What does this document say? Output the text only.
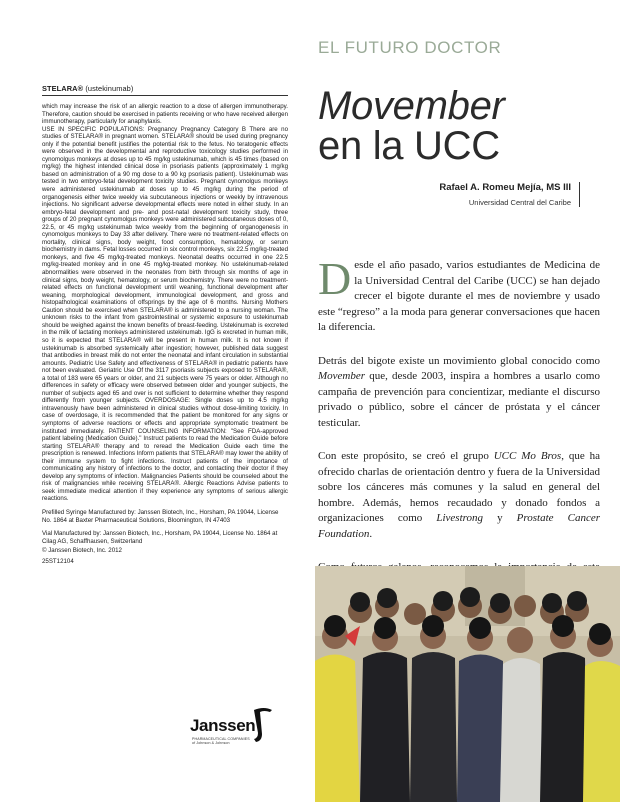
STELARA® (ustekinumab)
which may increase the risk of an allergic reaction to a dose of allergen immunotherapy. Therefore, caution should be exercised in patients receiving or who have received allergen immunotherapy, particularly for anaphylaxis.
USE IN SPECIFIC POPULATIONS: Pregnancy Pregnancy Category B There are no studies of STELARA® in pregnant women. STELARA® should be used during pregnancy only if the potential benefit justifies the potential risk to the fetus. No teratogenic effects were observed in the developmental and reproductive toxicology studies performed in cynomolgus monkeys at doses up to 45 mg/kg ustekinumab, which is 45 times (based on mg/kg) the highest intended clinical dose in psoriasis patients (approximately 1 mg/kg based on administration of a 90 mg dose to a 90 kg psoriasis patient). Ustekinumab was tested in two embryo-fetal development toxicity studies. Pregnant cynomolgus monkeys were administered ustekinumab at doses up to 45 mg/kg during the period of organogenesis either twice weekly via subcutaneous injections or weekly by intravenous injections. No significant adverse developmental effects were noted in either study. In an embryo-fetal development and pre- and post-natal development toxicity study, three groups of 20 pregnant cynomolgus monkeys were administered subcutaneous doses of 0, 22.5, or 45 mg/kg ustekinumab twice weekly from the beginning of organogenesis in cynomolgus monkeys to Day 33 after delivery. There were no treatment-related effects on mortality, clinical signs, body weight, food consumption, hematology, or serum biochemistry in dams. Fetal losses occurred in six control monkeys, six 22.5 mg/kg-treated monkeys, and five 45 mg/kg-treated monkeys. Neonatal deaths occurred in one 22.5 mg/kg-treated monkey and in one 45 mg/kg-treated monkey. No ustekinumab-related abnormalities were observed in the neonates from birth through six months of age in clinical signs, body weight, hematology, or serum biochemistry. There were no treatment-related effects on functional development until weaning, functional development after weaning, morphological development, immunological development, and gross and histopathological examinations of offsprings by the age of 6 months. Nursing Mothers Caution should be exercised when STELARA® is administered to a nursing woman. The unknown risks to the infant from gastrointestinal or systemic exposure to ustekinumab should be weighed against the known benefits of breast-feeding. Ustekinumab is excreted in the milk of lactating monkeys administered ustekinumab. IgG is excreted in human milk, so it is expected that STELARA® will be present in human milk. It is not known if ustekinumab is absorbed systemically after ingestion; however, published data suggest that antibodies in breast milk do not enter the neonatal and infant circulation in substantial amounts. Pediatric Use Safety and effectiveness of STELARA® in pediatric patients have not been evaluated. Geriatric Use Of the 3117 psoriasis subjects exposed to STELARA®, a total of 183 were 65 years or older, and 21 subjects were 75 years or older. Although no differences in safety or efficacy were observed between older and younger subjects, the number of subjects aged 65 and over is not sufficient to determine whether they respond differently from younger subjects. OVERDOSAGE: Single doses up to 4.5 mg/kg intravenously have been administered in clinical studies without dose-limiting toxicity. In case of overdosage, it is recommended that the patient be monitored for any signs or symptoms of adverse reactions or effects and appropriate symptomatic treatment be instituted immediately. PATIENT COUNSELING INFORMATION: "See FDA-approved patient labeling (Medication Guide)." Instruct patients to read the Medication Guide before starting STELARA® therapy and to reread the Medication Guide each time the prescription is renewed. Infections Inform patients that STELARA® may lower the ability of their immune system to fight infections. Instruct patients of the importance of communicating any history of infections to the doctor, and contacting their doctor if they develop any symptoms of infection. Malignancies Patients should be counseled about the risk of malignancies while receiving STELARA®. Allergic Reactions Advise patients to seek immediate medical attention if they experience any symptoms of serious allergic reactions.

Prefilled Syringe Manufactured by: Janssen Biotech, Inc., Horsham, PA 19044, License No. 1864 at Baxter Pharmaceutical Solutions, Bloomington, IN 47403

Vial Manufactured by: Janssen Biotech, Inc., Horsham, PA 19044, License No. 1864 at Cilag AG, Schaffhausen, Switzerland

© Janssen Biotech, Inc. 2012

25ST12104

Janssen
PHARMACEUTICAL COMPANIES of Johnson & Johnson
EL FUTURO DOCTOR
Movember
en la UCC
Rafael A. Romeu Mejía, MS III
Universidad Central del Caribe

Desde el año pasado, varios estudiantes de Medicina de la Universidad Central del Caribe (UCC) se han dejado crecer el bigote durante el mes de noviembre y usado este “regreso” a la moda para generar conversaciones que hacen la diferencia.

Detrás del bigote existe un movimiento global conocido como Movember que, desde 2003, inspira a hombres a usarlo como campaña de prevención para concientizar, mediante el discurso privado o público, sobre el cáncer de próstata y el cáncer testicular.

Con este propósito, se creó el grupo UCC Mo Bros, que ha ofrecido charlas de orientación dentro y fuera de la Universidad sobre los cánceres más comunes y la salud en general del hombre. Además, hemos recaudado y donado fondos a organizaciones como Livestrong y Prostate Cancer Foundation.
